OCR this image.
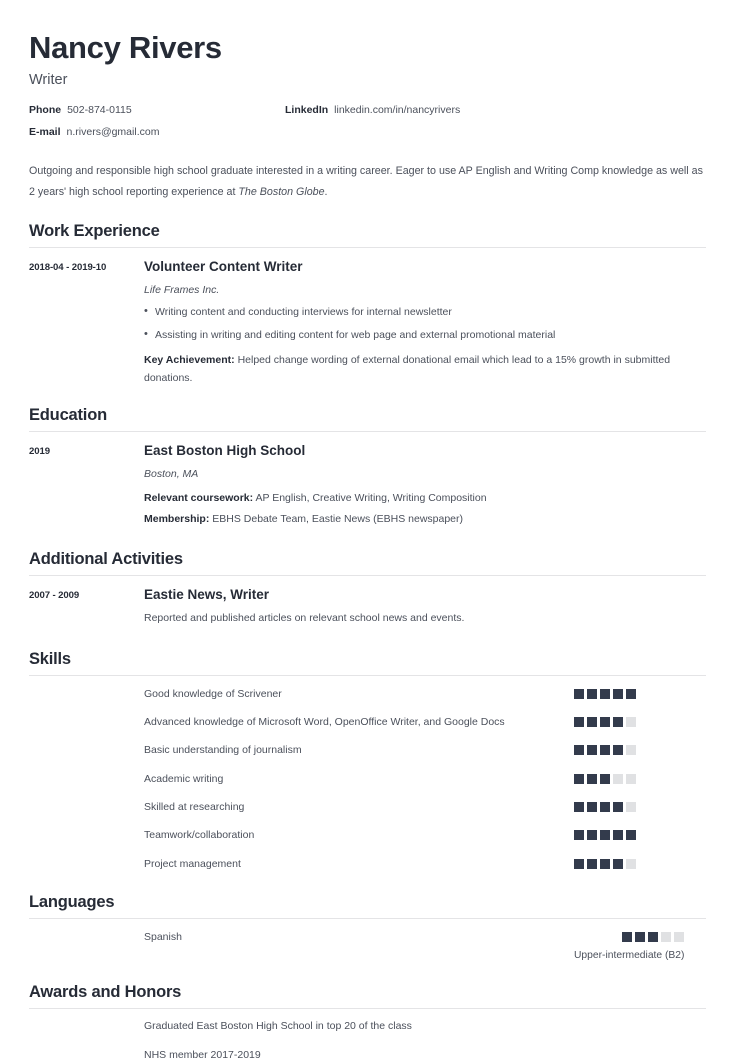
Nancy Rivers
Writer
Phone 502-874-0115	LinkedIn linkedin.com/in/nancyrivers
E-mail n.rivers@gmail.com
Outgoing and responsible high school graduate interested in a writing career. Eager to use AP English and Writing Comp knowledge as well as 2 years' high school reporting experience at The Boston Globe.
Work Experience
2018-04 - 2019-10	Volunteer Content Writer
Life Frames Inc.
• Writing content and conducting interviews for internal newsletter
• Assisting in writing and editing content for web page and external promotional material
Key Achievement: Helped change wording of external donational email which lead to a 15% growth in submitted donations.
Education
2019	East Boston High School
Boston, MA
Relevant coursework: AP English, Creative Writing, Writing Composition
Membership: EBHS Debate Team, Eastie News (EBHS newspaper)
Additional Activities
2007 - 2009	Eastie News, Writer
Reported and published articles on relevant school news and events.
Skills
Good knowledge of Scrivener
Advanced knowledge of Microsoft Word, OpenOffice Writer, and Google Docs
Basic understanding of journalism
Academic writing
Skilled at researching
Teamwork/collaboration
Project management
Languages
Spanish
Upper-intermediate (B2)
Awards and Honors
Graduated East Boston High School in top 20 of the class
NHS member 2017-2019
